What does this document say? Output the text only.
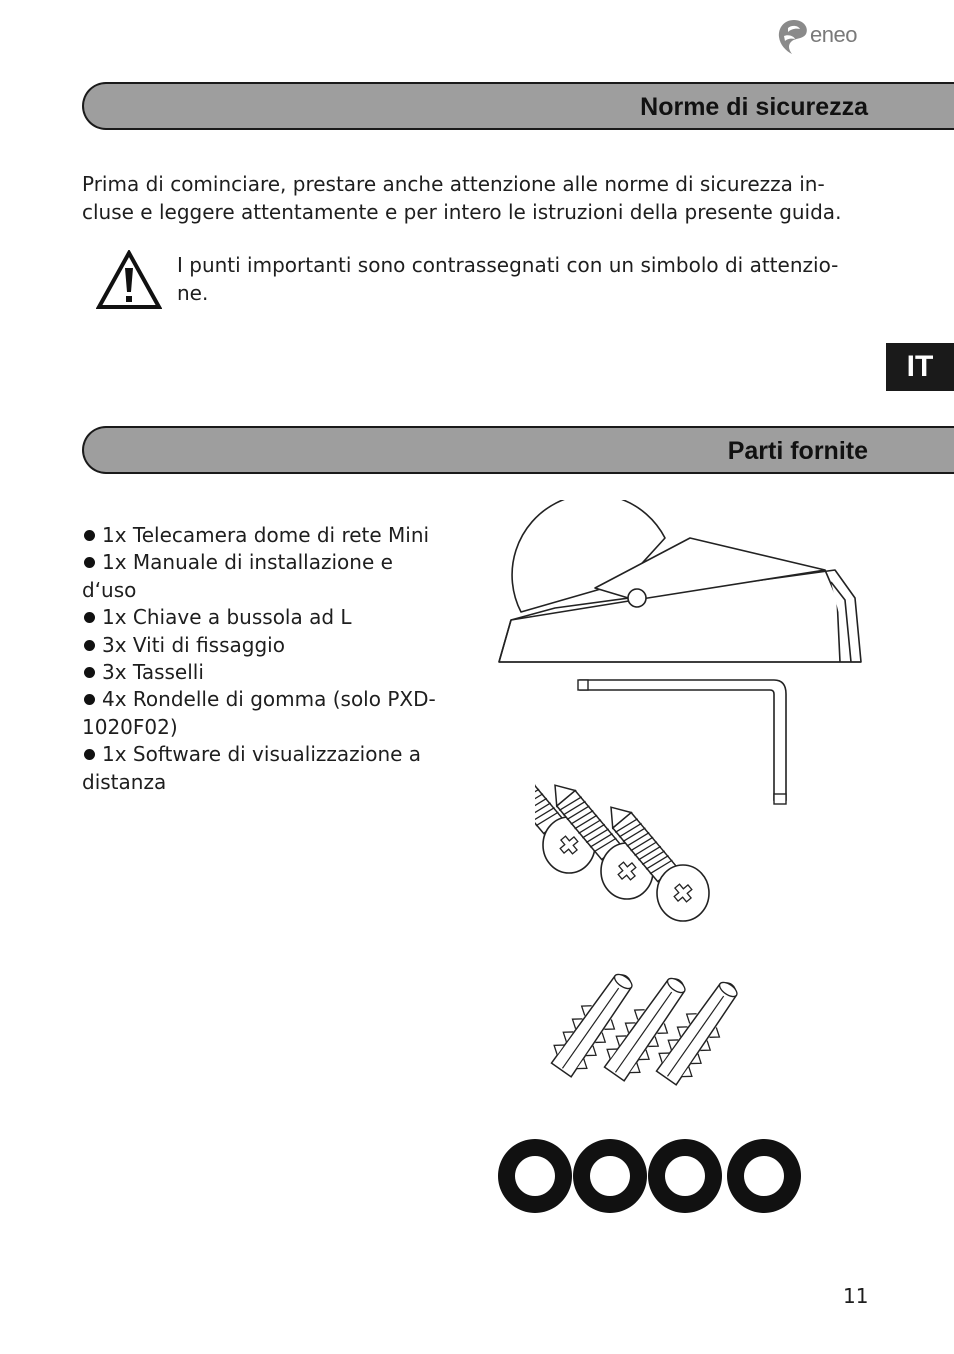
eneo
Norme di sicurezza
Prima di cominciare, prestare anche attenzione alle norme di sicurezza in-
cluse e leggere attentamente e per intero le istruzioni della presente guida.
I punti importanti sono contrassegnati con un simbolo di attenzio-
ne.
IT
Parti fornite
1x Telecamera dome di rete Mini
1x Manuale di installazione e d‘uso
1x Chiave a bussola ad L
3x Viti di fissaggio
3x Tasselli
4x Rondelle di gomma (solo PXD-1020F02)
1x Software di visualizzazione a distanza
11
